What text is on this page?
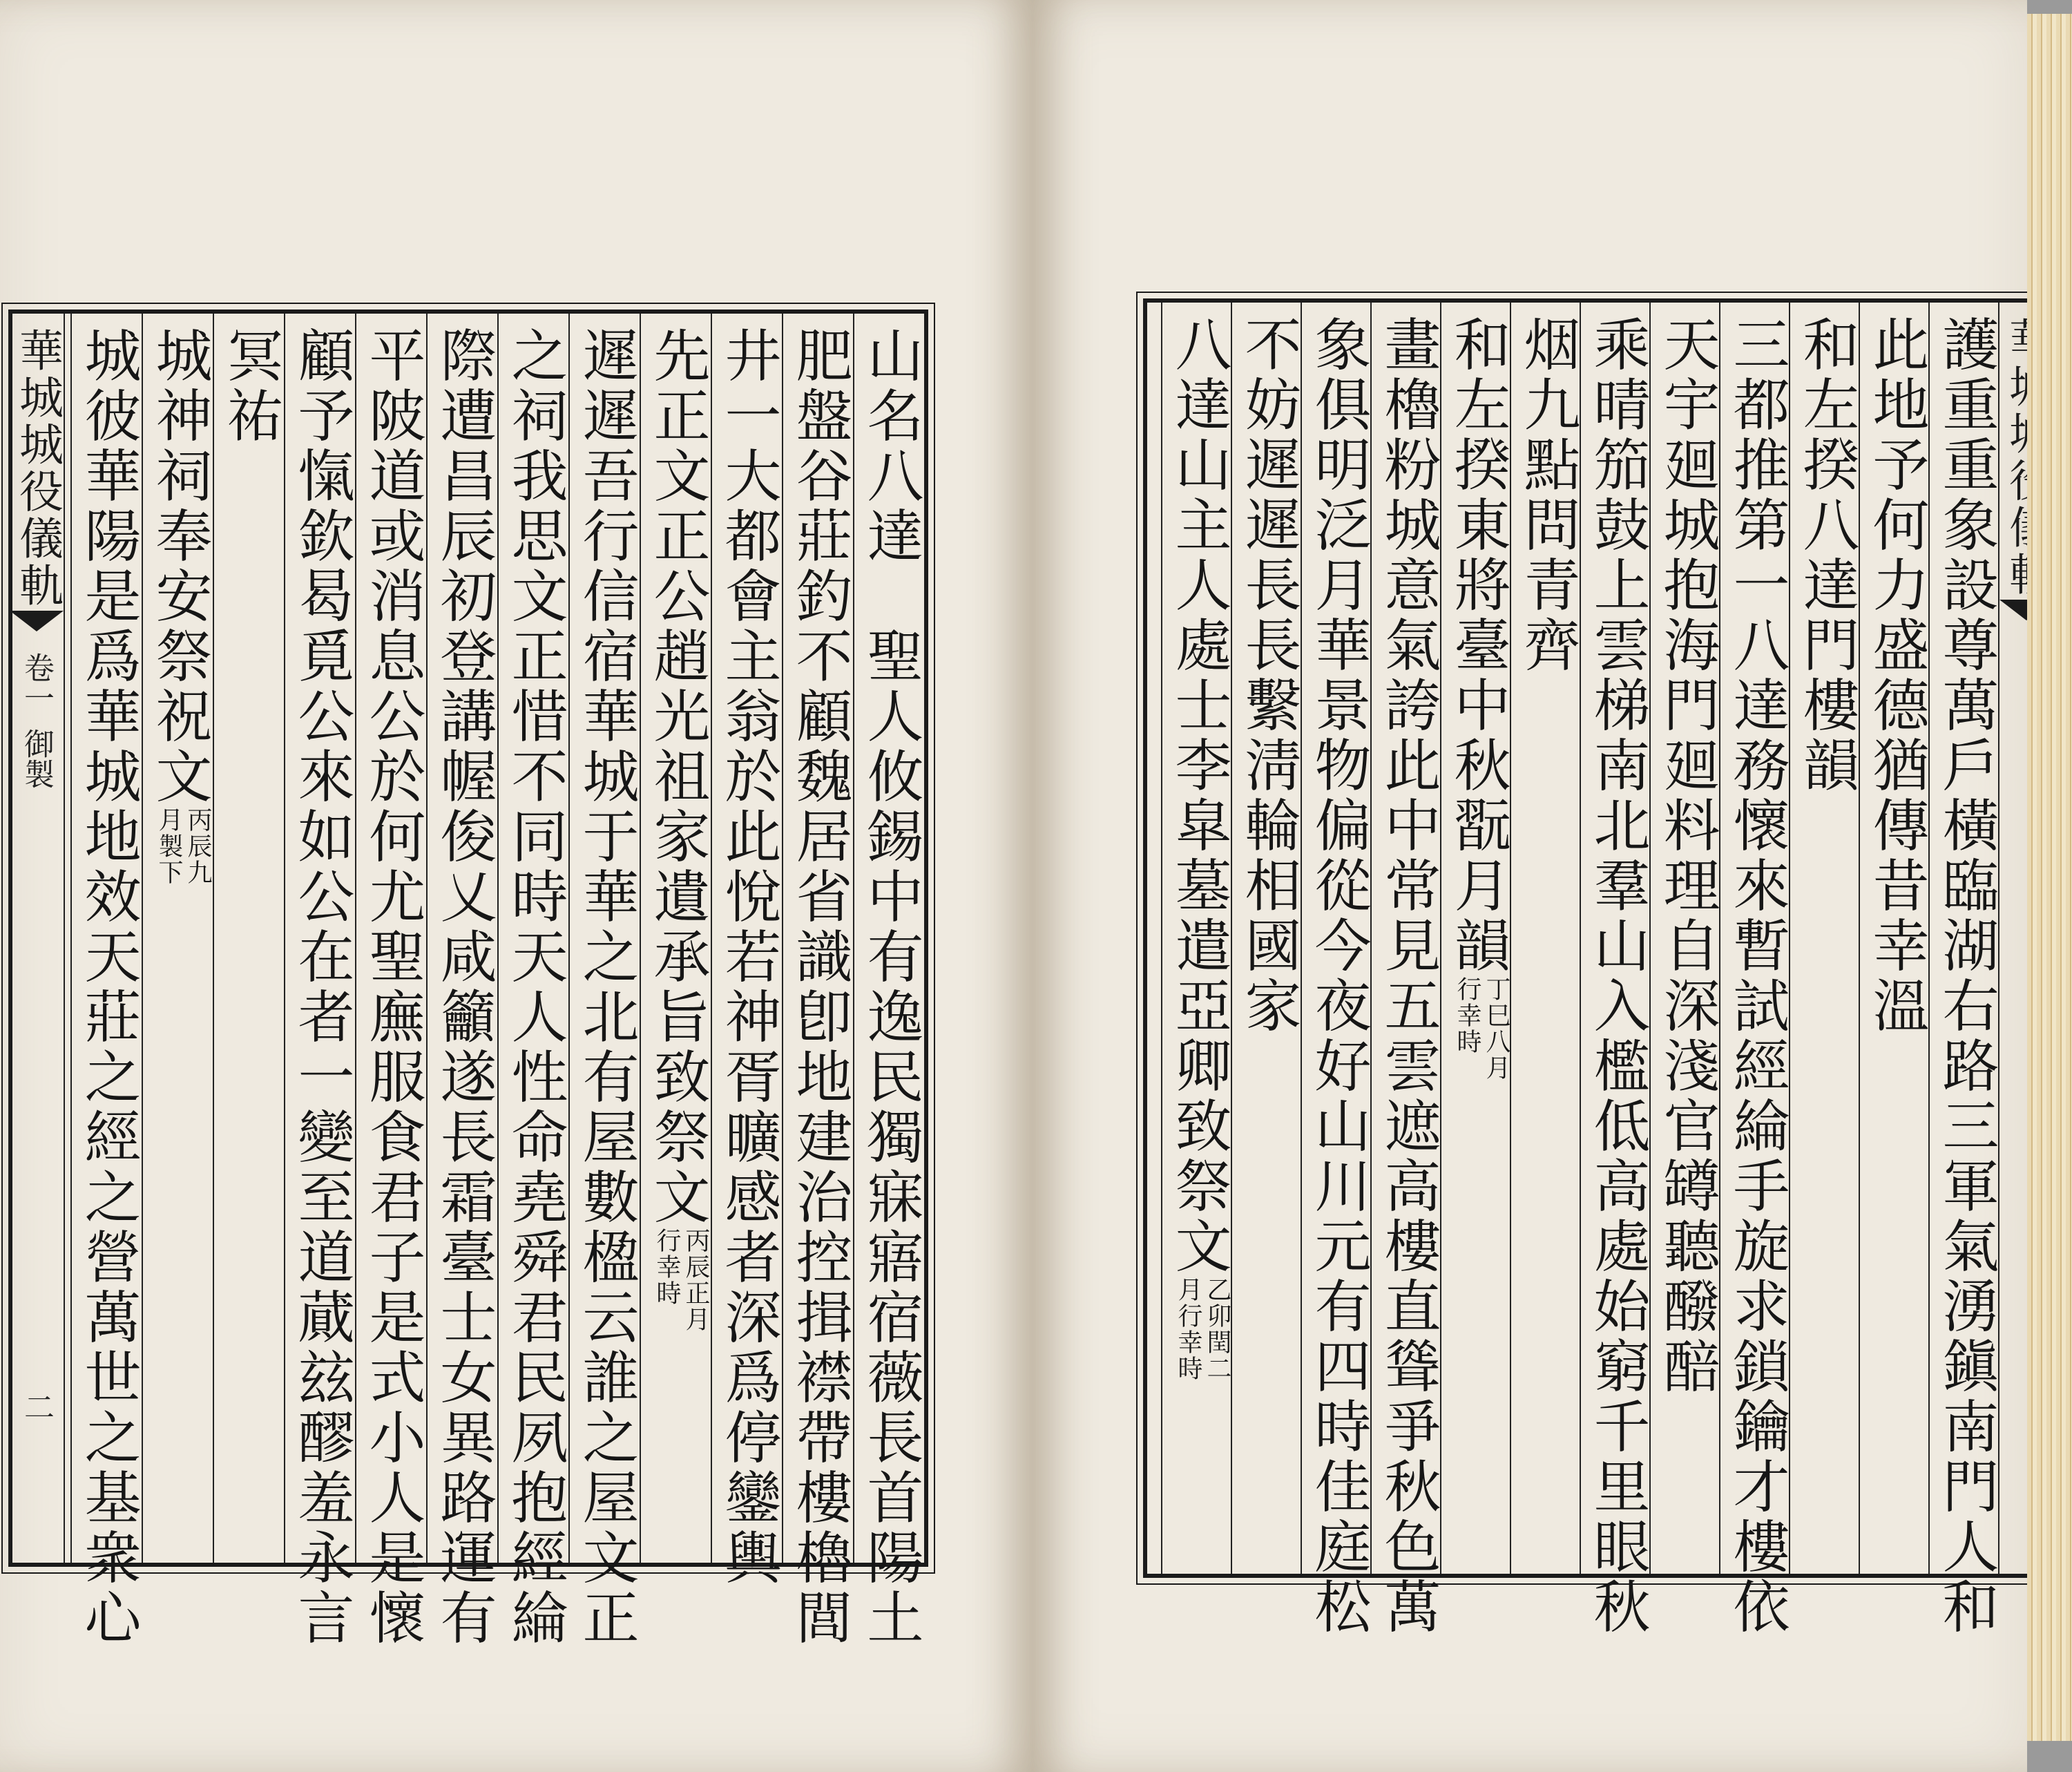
華城城役儀軌
卷一
御製
二	山名八達　聖人攸錫中有逸民獨寐寤宿薇長首陽土
肥盤谷莊釣不顧魏居省識卽地建治控揖襟帶樓櫓閭
井一大都會主翁於此悅若神胥曠感者深爲停鑾輿
先正文正公趙光祖家遺承旨致祭文
丙辰正月
行幸時
遲遲吾行信宿華城于華之北有屋數楹云誰之屋文正
之祠我思文正惜不同時天人性命堯舜君民夙抱經綸
際遭昌辰初登講幄俊乂咸籲遂長霜臺士女異路運有
平陂道或消息公於何尤聖廡服食君子是式小人是懷
顧予愾欽曷覓公來如公在者一變至道蕆玆醪羞永言
冥祐
城神祠奉安祭祝文
丙辰九
月製下
城彼華陽是爲華城地效天莊之經之營萬世之基衆心	護重重象設尊萬戶橫臨湖右路三軍氣湧鎭南門人和
此地予何力盛德猶傳昔幸溫
和左揆八達門樓韻
三都推第一八達務懷來暫試經綸手旋求鎖鑰才樓依
天宇廻城抱海門廻料理自深淺官罇聽醱醅
乘晴笳鼓上雲梯南北羣山入檻低高處始窮千里眼秋
烟九點問青齊
和左揆東將臺中秋翫月韻
丁巳八月
行幸時
畫櫓粉城意氣誇此中常見五雲遮高樓直聳爭秋色萬
象俱明泛月華景物偏從今夜好山川元有四時佳庭松
不妨遲遲長長繫淸輪相國家
八達山主人處士李皐墓遣亞卿致祭文
乙卯閏二
月行幸時
